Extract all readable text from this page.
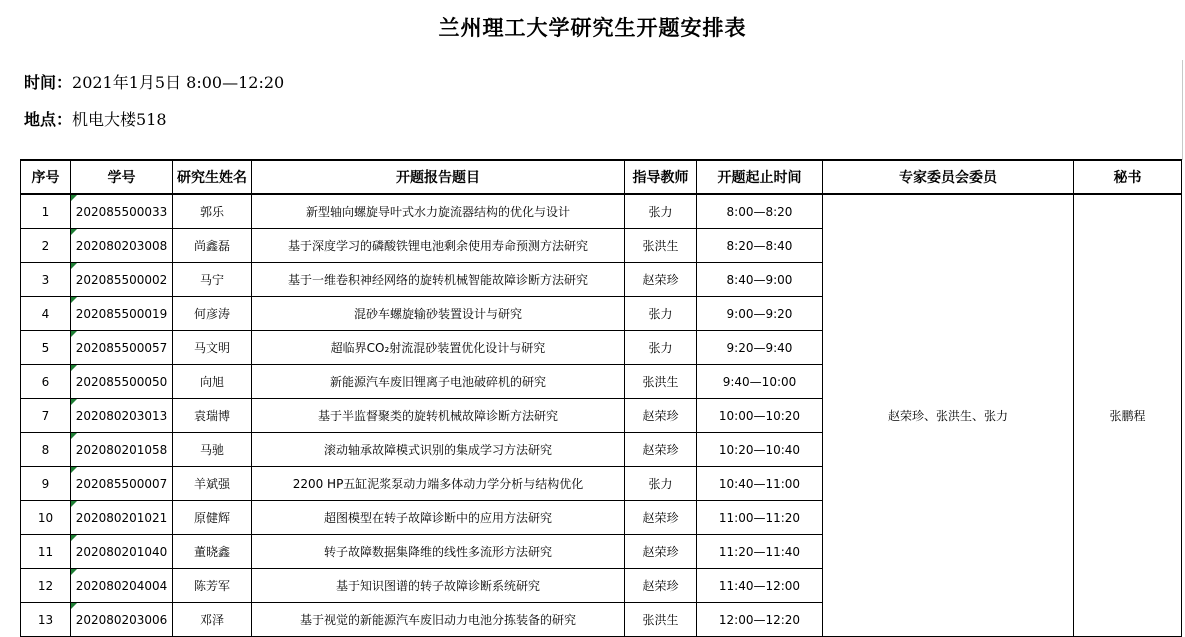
兰州理工大学研究生开题安排表
时间：2021年1月5日 8:00—12:20
地点：机电大楼518
序号	学号	研究生姓名	开题报告题目	指导教师	开题起止时间	专家委员会委员	秘书
1	202085500033	郭乐	新型轴向螺旋导叶式水力旋流器结构的优化与设计	张力	8:00—8:20	赵荣珍、张洪生、张力	张鹏程
2	202080203008	尚鑫磊	基于深度学习的磷酸铁锂电池剩余使用寿命预测方法研究	张洪生	8:20—8:40		
3	202085500002	马宁	基于一维卷积神经网络的旋转机械智能故障诊断方法研究	赵荣珍	8:40—9:00		
4	202085500019	何彦涛	混砂车螺旋输砂装置设计与研究	张力	9:00—9:20		
5	202085500057	马文明	超临界CO₂射流混砂装置优化设计与研究	张力	9:20—9:40		
6	202085500050	向旭	新能源汽车废旧锂离子电池破碎机的研究	张洪生	9:40—10:00		
7	202080203013	袁瑞博	基于半监督聚类的旋转机械故障诊断方法研究	赵荣珍	10:00—10:20		
8	202080201058	马驰	滚动轴承故障模式识别的集成学习方法研究	赵荣珍	10:20—10:40		
9	202085500007	羊斌强	2200 HP五缸泥浆泵动力端多体动力学分析与结构优化	张力	10:40—11:00		
10	202080201021	原健辉	超图模型在转子故障诊断中的应用方法研究	赵荣珍	11:00—11:20		
11	202080201040	董晓鑫	转子故障数据集降维的线性多流形方法研究	赵荣珍	11:20—11:40		
12	202080204004	陈芳军	基于知识图谱的转子故障诊断系统研究	赵荣珍	11:40—12:00		
13	202080203006	邓泽	基于视觉的新能源汽车废旧动力电池分拣装备的研究	张洪生	12:00—12:20		
